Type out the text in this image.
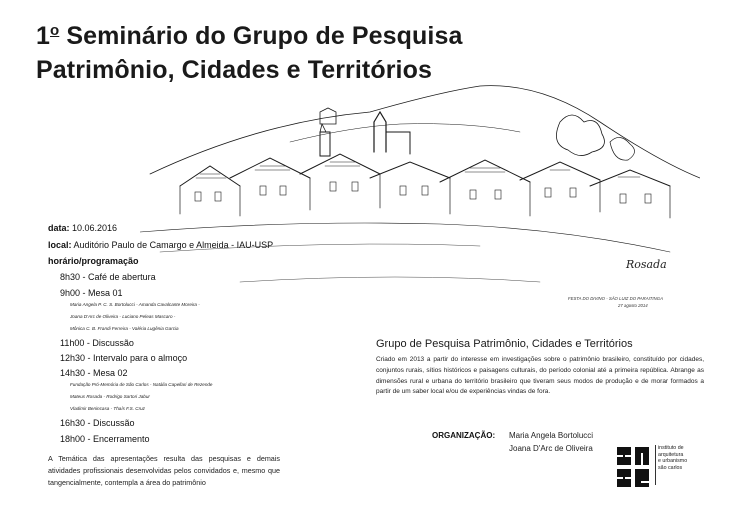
1$^o$ Seminário do Grupo de Pesquisa
Patrimônio, Cidades e Territórios
Rosada
FESTA DO DIVINO - SÃO LUIZ DO PARAITINGA
27 agosto 2014
data: 10.06.2016
local: Auditório Paulo de Camargo e Almeida - IAU-USP
horário/programação
8h30 - Café de abertura
9h00 - Mesa 01
Maria Angela P. C. S. Bortolucci - Amanda Cavalcante Moreira -
Joana D'Arc de Oliveira - Luciano Peleas Mascaro -
Mônica C. B. Frandi Ferreira - Valéria Lugênia Garcia
11h00 - Discussão
12h30 - Intervalo para o almoço
14h30 - Mesa 02
Fundação Pró-Memória de São Carlos - Natália Capellari de Rezende
Mateus Rosada - Rodrigo Sartori Jabur
Vladimir Benincasa - Thaís F.S. Cruz
16h30 - Discussão
18h00 - Encerramento
A Temática das apresentações resulta das pesquisas e demais atividades profissionais desenvolvidas pelos convidados e, mesmo que tangencialmente, contempla a área do patrimônio
Grupo de Pesquisa Patrimônio, Cidades e Territórios
Criado em 2013 a partir do interesse em investigações sobre o patrimônio brasileiro, constituído por cidades, conjuntos rurais, sítios históricos e paisagens culturais, do período colonial até a primeira república. Abrange as dimensões rural e urbana do território brasileiro que tiveram seus modos de produção e de morar formados a partir de um saber local e/ou de experiências vindas de fora.
ORGANIZAÇÃO: Maria Angela Bortolucci
Joana D'Arc de Oliveira	instituto de
arquitetura
e urbanismo
são carlos
